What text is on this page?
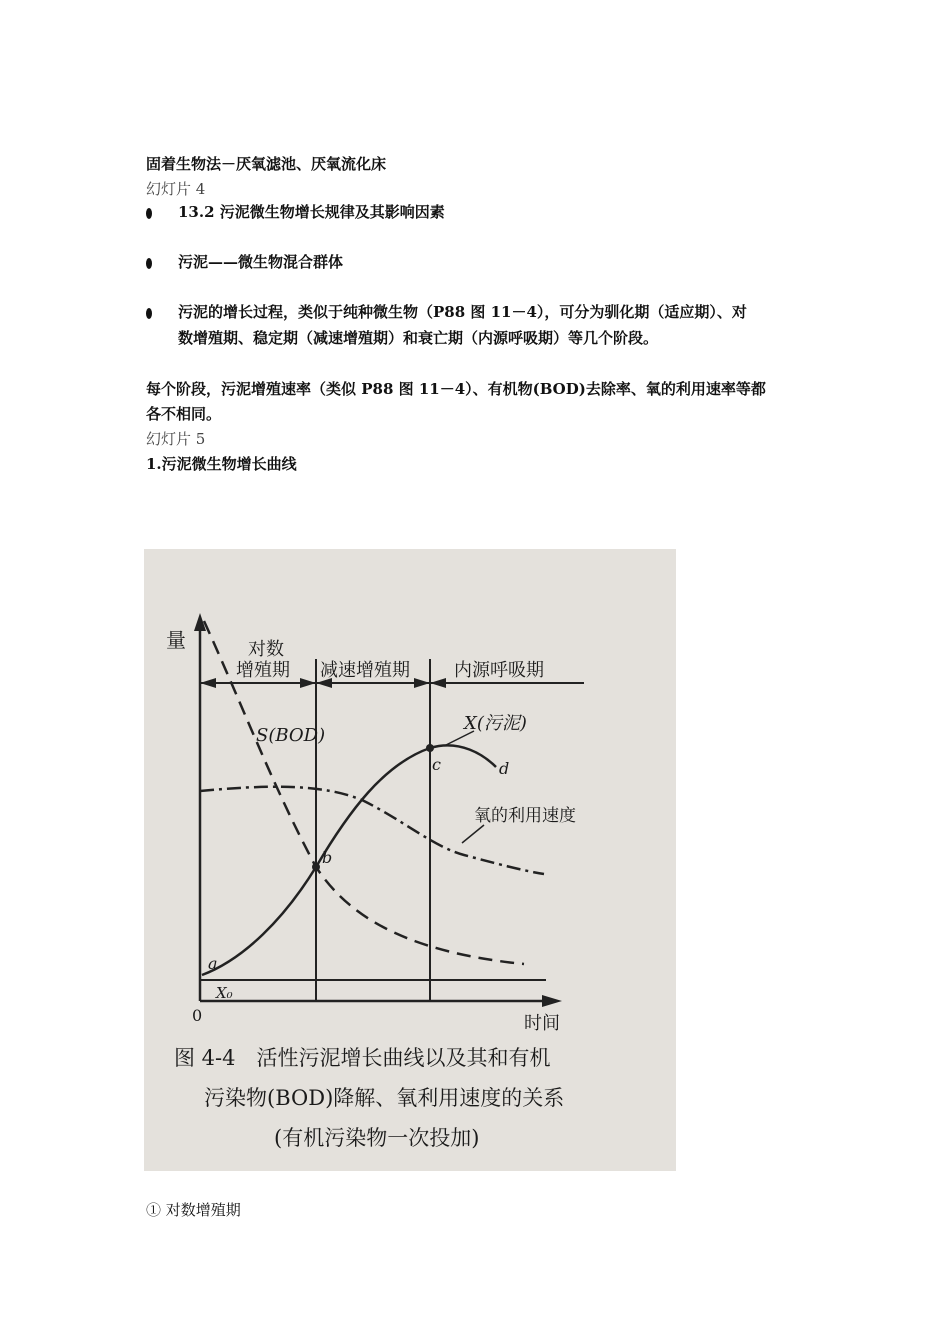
固着生物法－厌氧滤池、厌氧流化床
幻灯片 4
13.2 污泥微生物增长规律及其影响因素
污泥——微生物混合群体
污泥的增长过程，类似于纯种微生物（P88 图 11－4），可分为驯化期（适应期）、对
数增殖期、稳定期（减速增殖期）和衰亡期（内源呼吸期）等几个阶段。
每个阶段，污泥增殖速率（类似 P88 图 11－4）、有机物(BOD)去除率、氧的利用速率等都
各不相同。
幻灯片 5
1.污泥微生物增长曲线
量
时间
0
对数
增殖期 减速增殖期 内源呼吸期
X(污泥)
S(BOD)
氧的利用速度
a
b
c	d
X₀
图 4-4　活性污泥增长曲线以及其和有机
污染物(BOD)降解、氧利用速度的关系
(有机污染物一次投加)
① 对数增殖期
